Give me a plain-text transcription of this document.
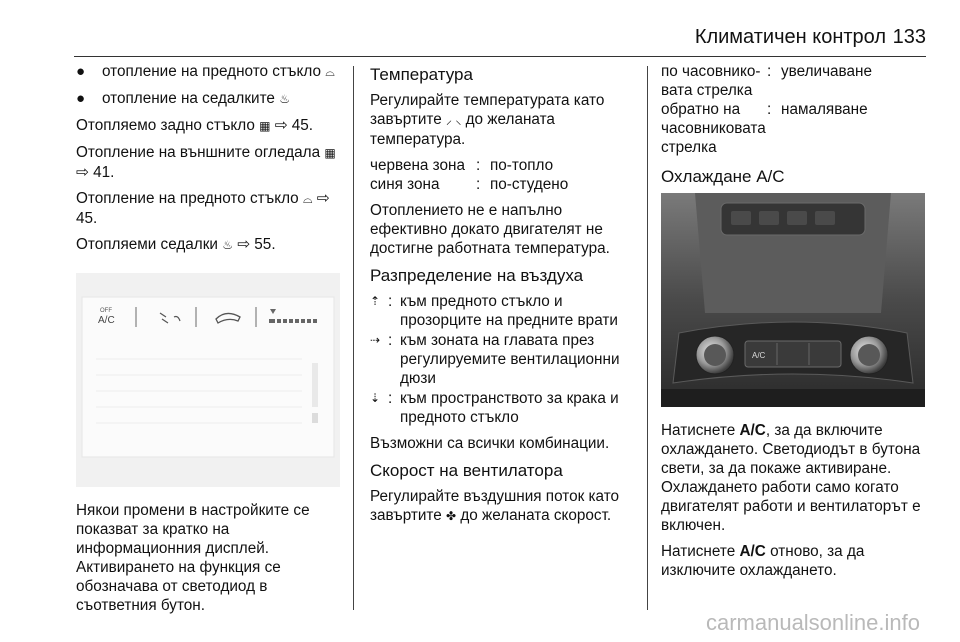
Климатичен контрол 133
●	отопление на предното стъкло ⌓
●	отопление на седалките ♨

Отопляемо задно стъкло ▦ ⇨ 45.

Отопление на външните огледала ▦ ⇨ 41.

Отопление на предното стъкло ⌓ ⇨ 45.

Отопляеми седалки ♨ ⇨ 55.

OFF
A/C

Някои промени в настройките се показват за кратко на информационния дисплей.

Активирането на функция се обозначава от светодиод в съответния бутон.

Температура

Регулирайте температурата като завъртите ⸝ ⸜ до желаната температура.

червена зона : по-топло
синя зона	: по-студено

Отоплението не е напълно ефективно докато двигателят не достигне работната температура.

Разпределение на въздуха
⇡ : към предното стъкло и прозорците на предните врати
⇢ : към зоната на главата през регулируемите вентилационни дюзи
⇣ : към пространството за крака и предното стъкло

Възможни са всички комбинации.

Скорост на вентилатора

Регулирайте въздушния поток като завъртите ✤ до желаната скорост.

по часовнико-вата стрелка
: увеличаване
обратно на часовниковата стрелка
: намаляване
Охлаждане A/C
A/C

Натиснете A/C, за да включите охлаждането. Светодиодът в бутона свети, за да покаже активиране. Охлаждането работи само когато двигателят работи и вентилаторът е включен.

Натиснете A/C отново, за да изключите охлаждането.

carmanualsonline.info
